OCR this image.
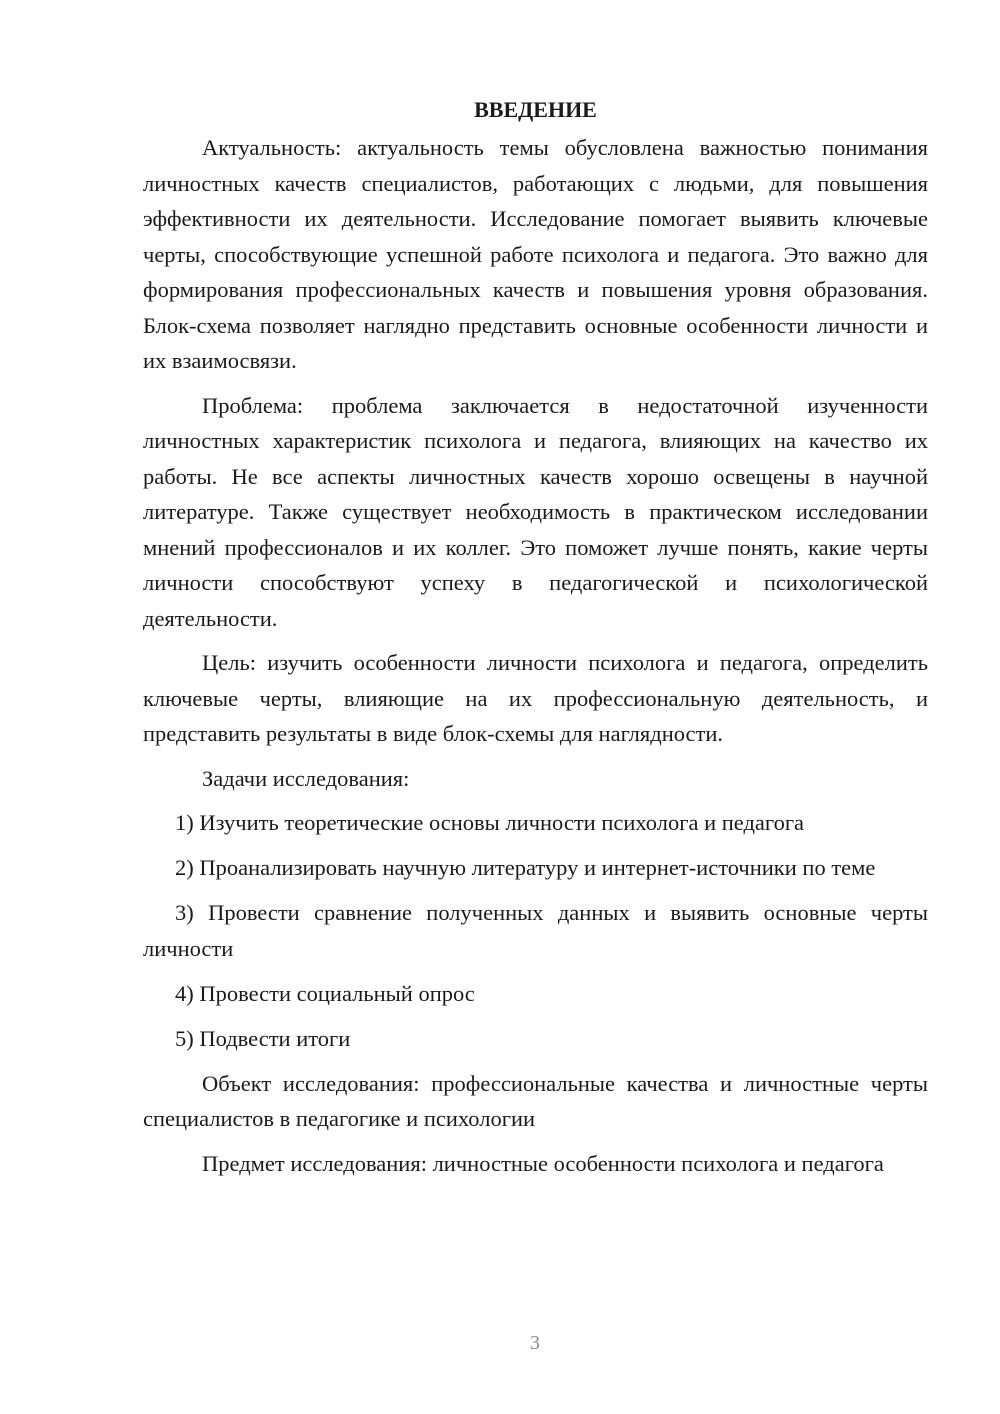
ВВЕДЕНИЕ

Актуальность: актуальность темы обусловлена важностью понимания личностных качеств специалистов, работающих с людьми, для повышения эффективности их деятельности. Исследование помогает выявить ключевые черты, способствующие успешной работе психолога и педагога. Это важно для формирования профессиональных качеств и повышения уровня образования. Блок-схема позволяет наглядно представить основные особенности личности и их взаимосвязи.

Проблема: проблема заключается в недостаточной изученности личностных характеристик психолога и педагога, влияющих на качество их работы. Не все аспекты личностных качеств хорошо освещены в научной литературе. Также существует необходимость в практическом исследовании мнений профессионалов и их коллег. Это поможет лучше понять, какие черты личности способствуют успеху в педагогической и психологической деятельности.

Цель: изучить особенности личности психолога и педагога, определить ключевые черты, влияющие на их профессиональную деятельность, и представить результаты в виде блок-схемы для наглядности.

Задачи исследования:

1) Изучить теоретические основы личности психолога и педагога

2) Проанализировать научную литературу и интернет-источники по теме

3) Провести сравнение полученных данных и выявить основные черты личности

4) Провести социальный опрос

5) Подвести итоги

Объект исследования: профессиональные качества и личностные черты специалистов в педагогике и психологии

Предмет исследования: личностные особенности психолога и педагога

3
